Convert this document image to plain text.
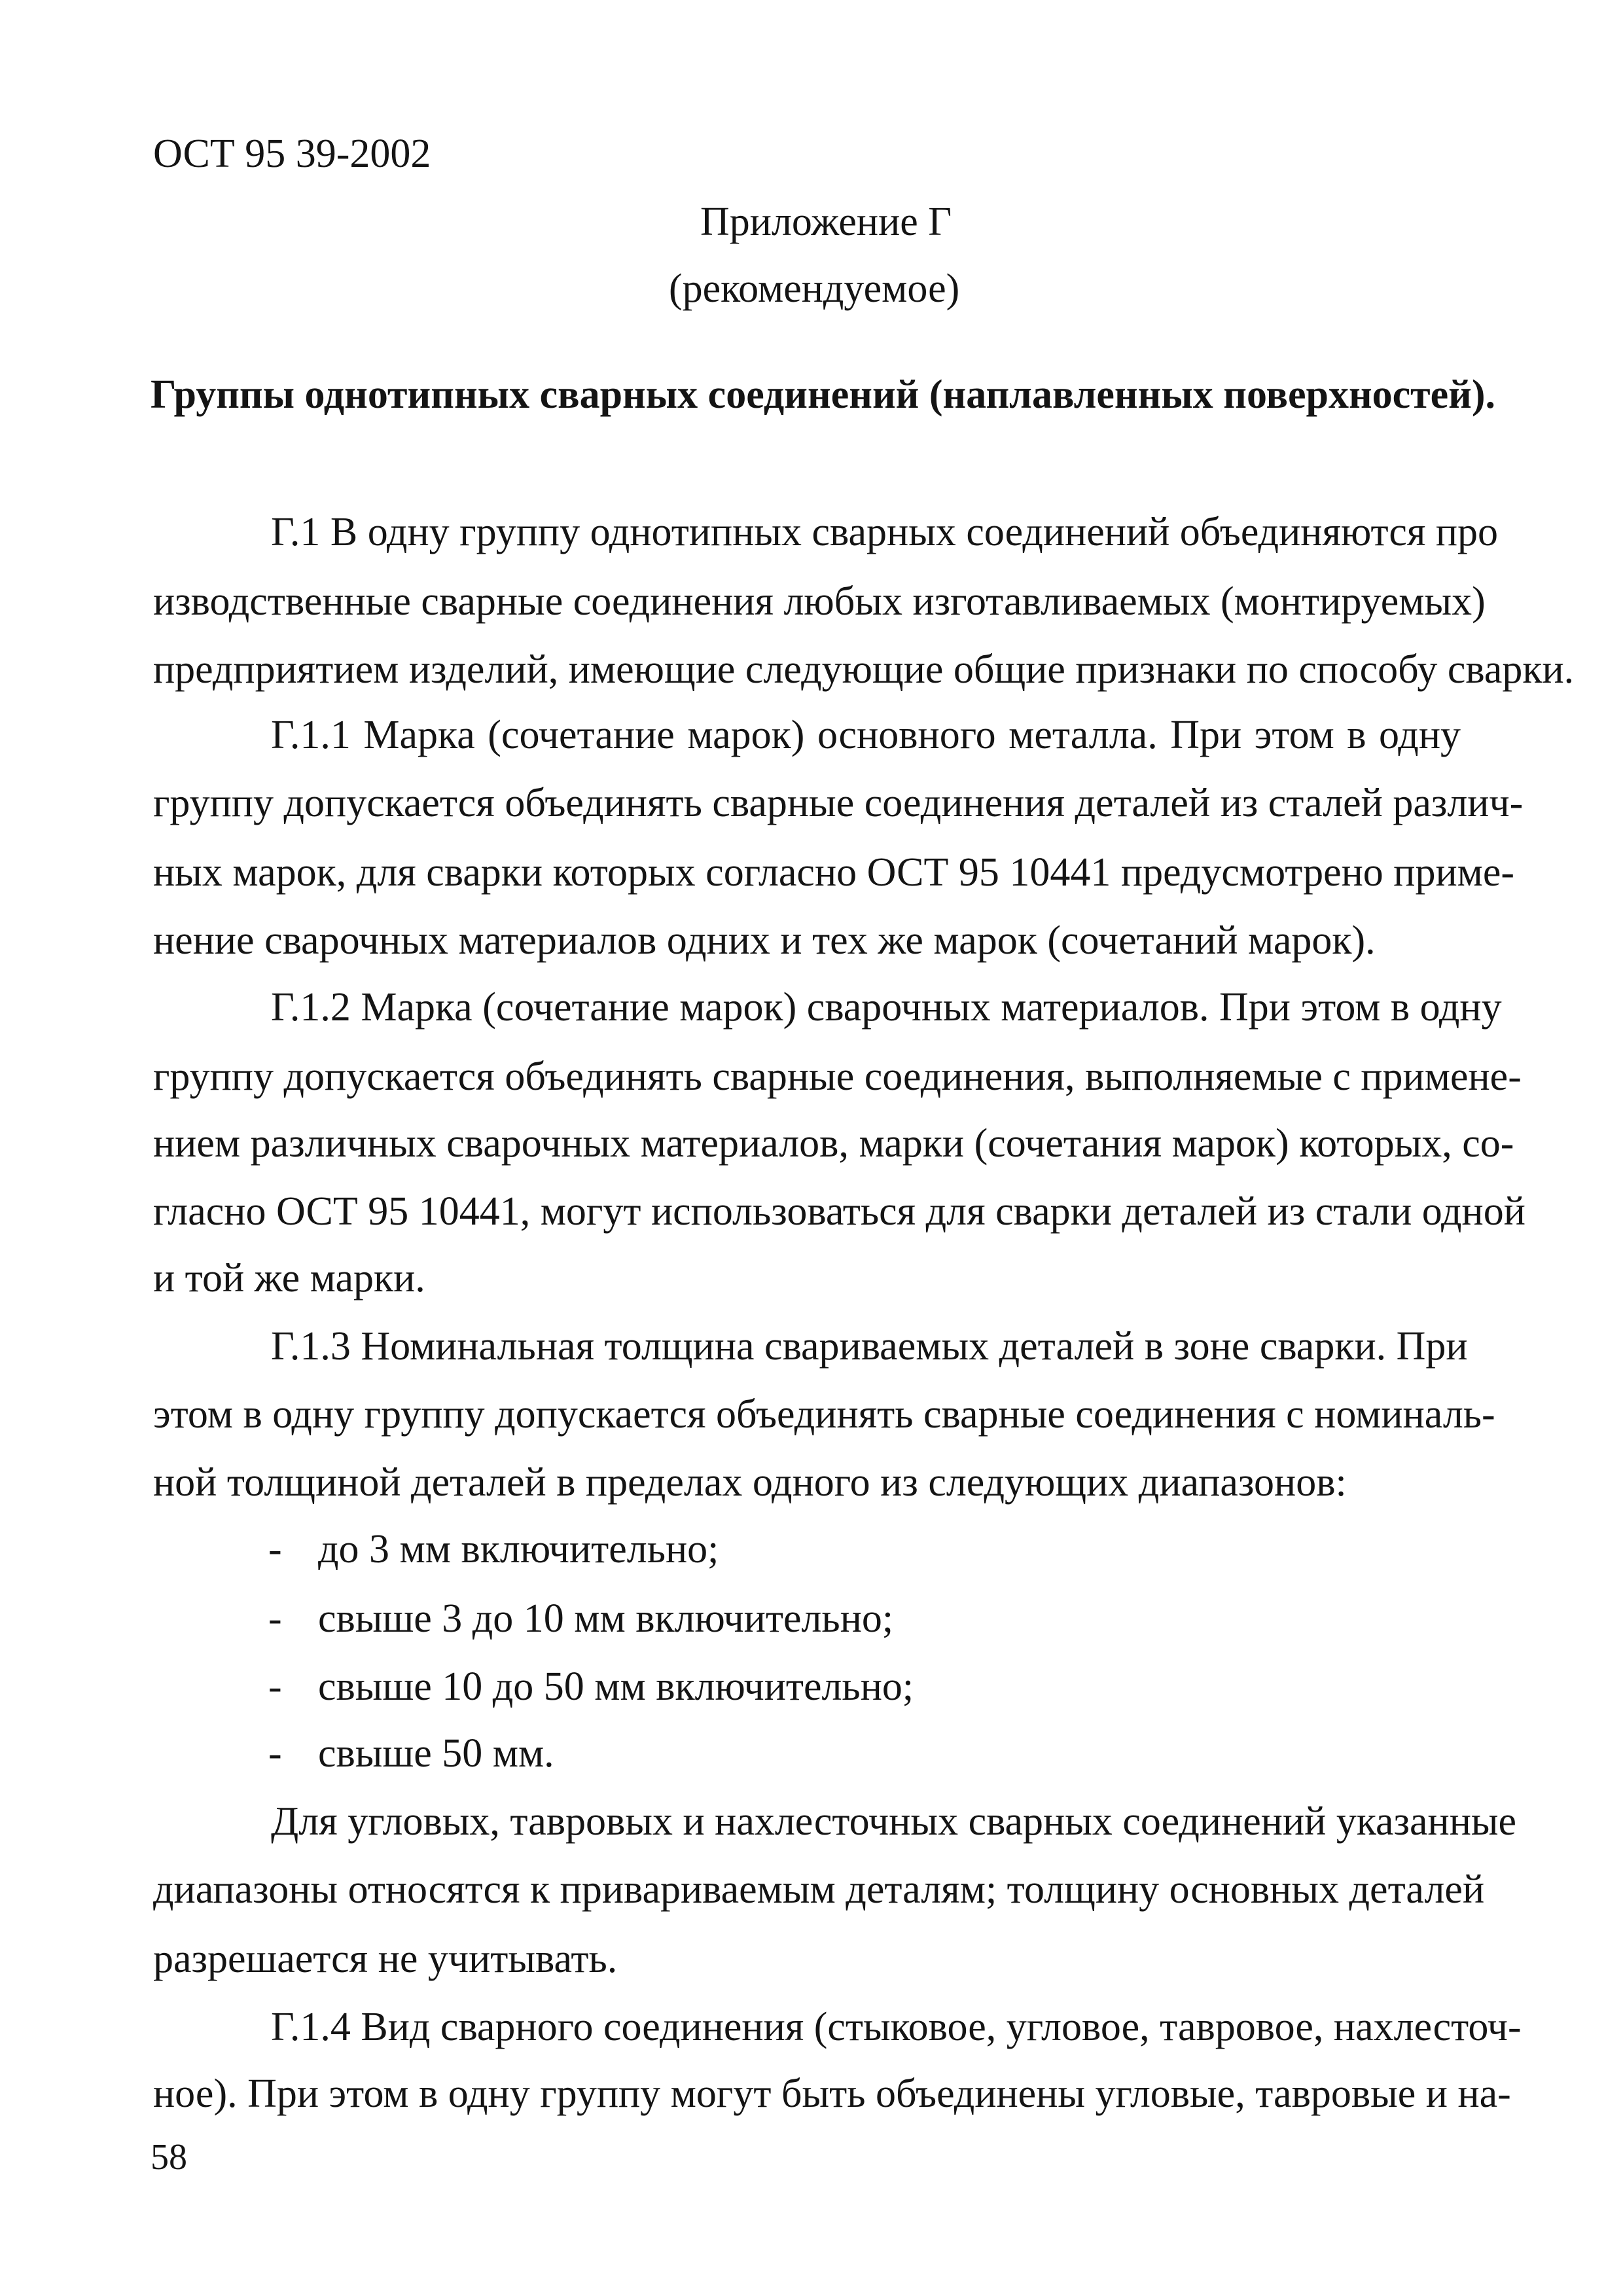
ОСТ 95 39-2002
Приложение Г
(рекомендуемое)
Группы однотипных сварных соединений (наплавленных поверхностей).
Г.1 В одну группу однотипных сварных соединений объединяются про
изводственные сварные соединения любых изготавливаемых (монтируемых)
предприятием изделий, имеющие следующие общие признаки по способу сварки.
Г.1.1 Марка (сочетание марок) основного металла. При этом в одну
группу допускается объединять сварные соединения деталей из сталей различ-
ных марок, для сварки которых согласно ОСТ 95 10441 предусмотрено приме-
нение сварочных материалов одних и тех же марок (сочетаний марок).
Г.1.2 Марка (сочетание марок) сварочных материалов. При этом в одну
группу допускается объединять сварные соединения, выполняемые с примене-
нием различных сварочных материалов, марки (сочетания марок) которых, со-
гласно ОСТ 95 10441, могут использоваться для сварки деталей из стали одной
и той же марки.
Г.1.3 Номинальная толщина свариваемых деталей в зоне сварки. При
этом в одну группу допускается объединять сварные соединения с номиналь-
ной толщиной деталей в пределах одного из следующих диапазонов:
- до 3 мм включительно;
- свыше 3 до 10 мм включительно;
- свыше 10 до 50 мм включительно;
- свыше 50 мм.
Для угловых, тавровых и нахлесточных сварных соединений указанные
диапазоны относятся к привариваемым деталям; толщину основных деталей
разрешается не учитывать.
Г.1.4 Вид сварного соединения (стыковое, угловое, тавровое, нахлесточ-
ное). При этом в одну группу могут быть объединены угловые, тавровые и на-
58
